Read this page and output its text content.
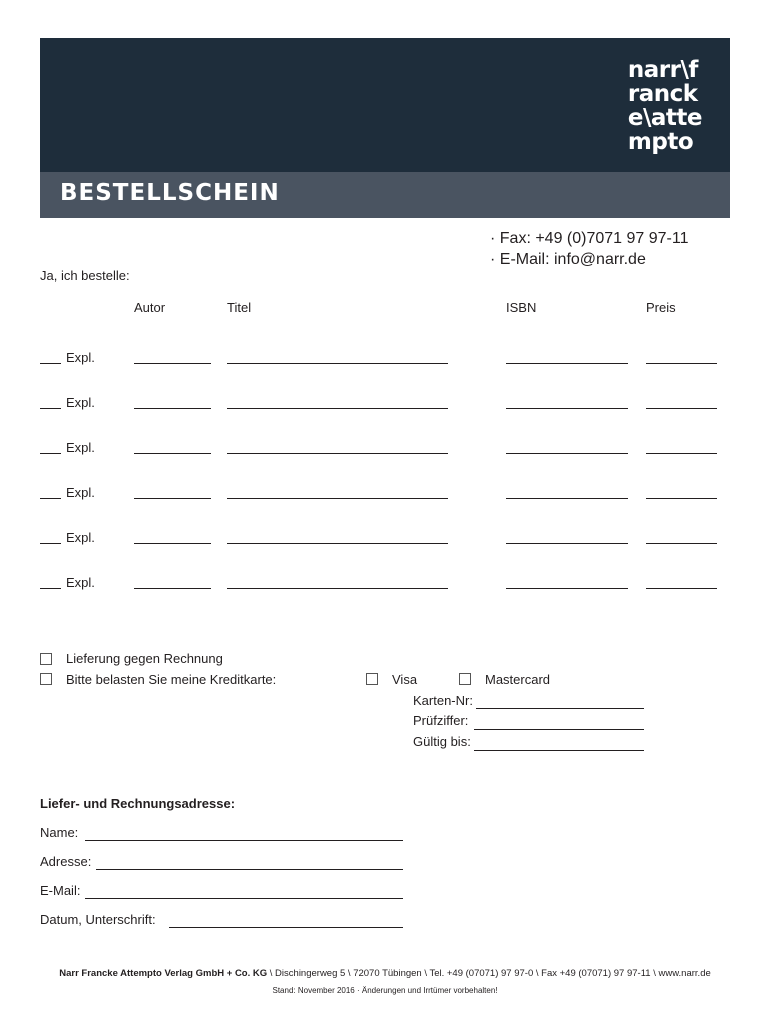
narr\f
ranck
e\atte
mpto
BESTELLSCHEIN
· Fax: +49 (0)7071 97 97-11
· E-Mail: info@narr.de
Ja, ich bestelle:
Autor	Titel	ISBN	Preis
Expl.
Expl.
Expl.
Expl.
Expl.
Expl.
Lieferung gegen Rechnung
Bitte belasten Sie meine Kreditkarte:	Visa	Mastercard
Karten-Nr:
Prüfziffer:
Gültig bis:
Liefer- und Rechnungsadresse:
Name:
Adresse:
E-Mail:
Datum, Unterschrift:
Narr Francke Attempto Verlag GmbH + Co. KG \ Dischingerweg 5 \ 72070 Tübingen \ Tel. +49 (07071) 97 97-0 \ Fax +49 (07071) 97 97-11 \ www.narr.de
Stand: November 2016 · Änderungen und Irrtümer vorbehalten!
